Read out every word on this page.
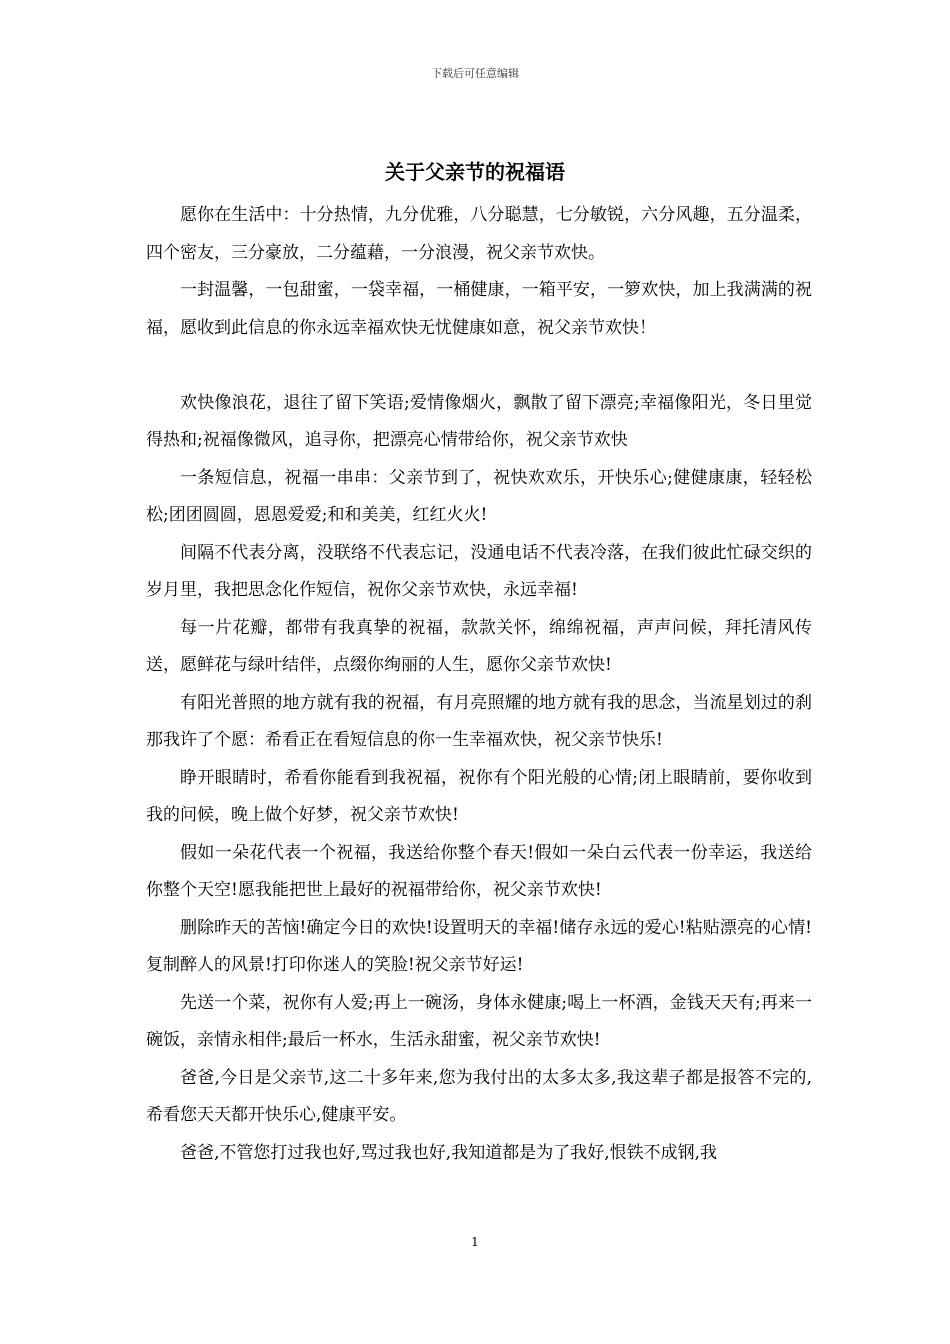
下载后可任意编辑
关于父亲节的祝福语

愿你在生活中：十分热情，九分优雅，八分聪慧，七分敏锐，六分风趣，五分温柔，四个密友，三分豪放，二分蕴藉，一分浪漫，祝父亲节欢快。

一封温馨，一包甜蜜，一袋幸福，一桶健康，一箱平安，一箩欢快，加上我满满的祝福，愿收到此信息的你永远幸福欢快无忧健康如意，祝父亲节欢快！

欢快像浪花，退往了留下笑语;爱情像烟火，飘散了留下漂亮;幸福像阳光，冬日里觉得热和;祝福像微风，追寻你，把漂亮心情带给你，祝父亲节欢快

一条短信息，祝福一串串：父亲节到了，祝快欢欢乐，开快乐心;健健康康，轻轻松松;团团圆圆，恩恩爱爱;和和美美，红红火火!

间隔不代表分离，没联络不代表忘记，没通电话不代表冷落，在我们彼此忙碌交织的岁月里，我把思念化作短信，祝你父亲节欢快，永远幸福!

每一片花瓣，都带有我真挚的祝福，款款关怀，绵绵祝福，声声问候，拜托清风传送，愿鲜花与绿叶结伴，点缀你绚丽的人生，愿你父亲节欢快!

有阳光普照的地方就有我的祝福，有月亮照耀的地方就有我的思念，当流星划过的刹那我许了个愿：希看正在看短信息的你一生幸福欢快，祝父亲节快乐!

睁开眼睛时，希看你能看到我祝福，祝你有个阳光般的心情;闭上眼睛前，要你收到我的问候，晚上做个好梦，祝父亲节欢快!

假如一朵花代表一个祝福，我送给你整个春天!假如一朵白云代表一份幸运，我送给你整个天空!愿我能把世上最好的祝福带给你，祝父亲节欢快!

删除昨天的苦恼!确定今日的欢快!设置明天的幸福!储存永远的爱心!粘贴漂亮的心情!复制醉人的风景!打印你迷人的笑脸!祝父亲节好运!

先送一个菜，祝你有人爱;再上一碗汤，身体永健康;喝上一杯酒，金钱天天有;再来一碗饭，亲情永相伴;最后一杯水，生活永甜蜜，祝父亲节欢快!

爸爸,今日是父亲节,这二十多年来,您为我付出的太多太多,我这辈子都是报答不完的,希看您天天都开快乐心,健康平安。

爸爸,不管您打过我也好,骂过我也好,我知道都是为了我好,恨铁不成钢,我

1
